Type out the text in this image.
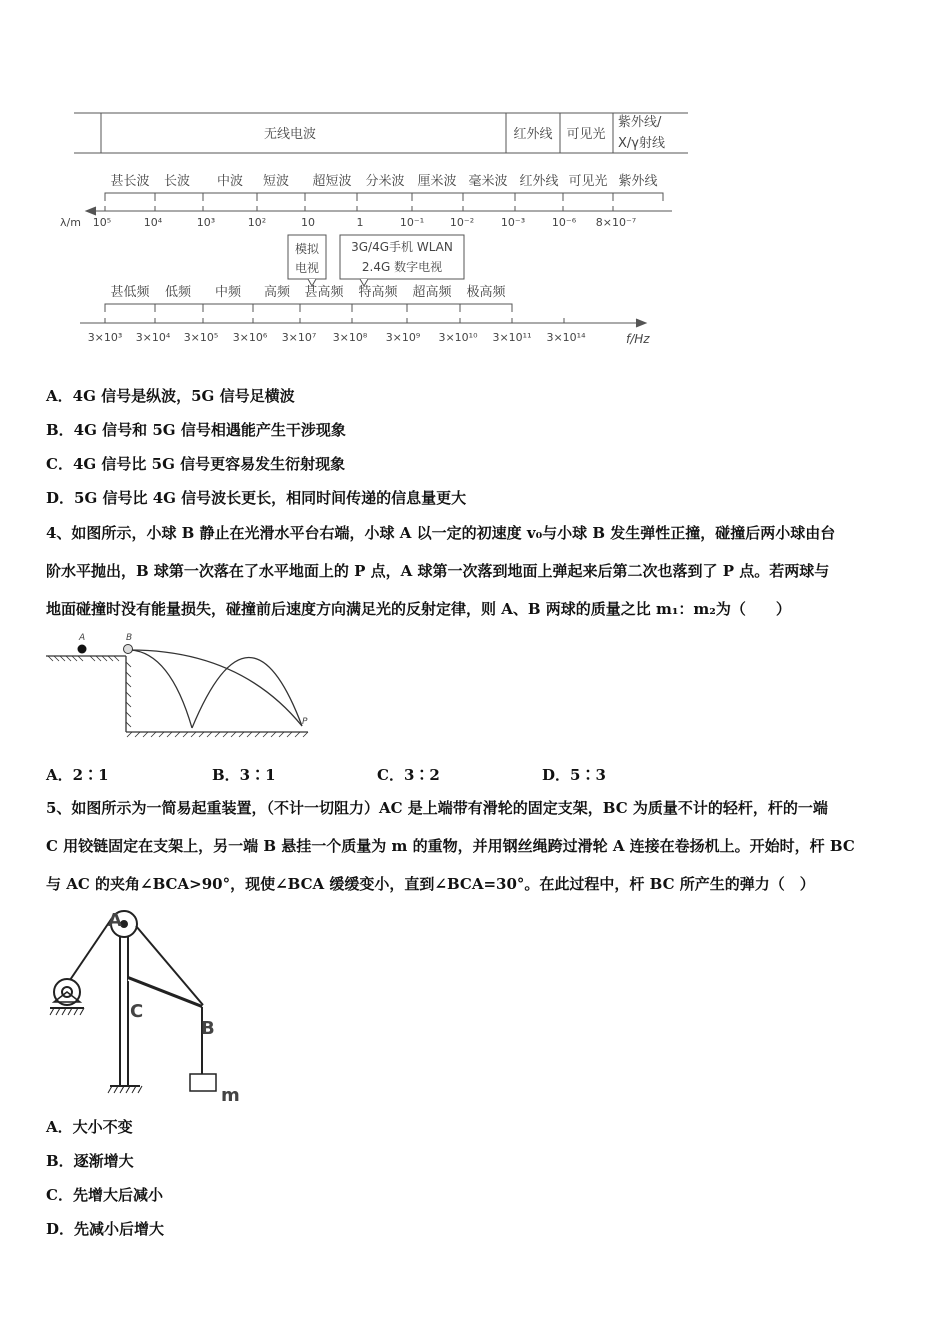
无线电波	红外线 可见光
紫外线/
X/γ射线
甚长波 长波 中波 短波 超短波 分米波 厘米波 毫米波 红外线 可见光 紫外线
λ/m 10⁵	10⁴	10³	10²	10	1	10⁻¹ 10⁻² 10⁻³ 10⁻⁶ 8×10⁻⁷
模拟
电视
3G/4G手机 WLAN
2.4G 数字电视
甚低频 低频 中频 高频 甚高频 特高频 超高频 极高频
3×10³ 3×10⁴ 3×10⁵ 3×10⁶ 3×10⁷ 3×10⁸ 3×10⁹ 3×10¹⁰ 3×10¹¹ 3×10¹⁴	f/Hz
A．4G 信号是纵波，5G 信号足横波
B．4G 信号和 5G 信号相遇能产生干涉现象
C．4G 信号比 5G 信号更容易发生衍射现象
D．5G 信号比 4G 信号波长更长，相同时间传递的信息量更大
4、如图所示，小球 B 静止在光滑水平台右端，小球 A 以一定的初速度 v₀与小球 B 发生弹性正撞，碰撞后两小球由台
阶水平抛出，B 球第一次落在了水平地面上的 P 点，A 球第一次落到地面上弹起来后第二次也落到了 P 点。若两球与
地面碰撞时没有能量损失，碰撞前后速度方向满足光的反射定律，则 A、B 两球的质量之比 m₁：m₂为（　　）
A	B
P
A．2∶1	B．3∶1	C．3∶2	D．5∶3
5、如图所示为一简易起重装置，（不计一切阻力）AC 是上端带有滑轮的固定支架，BC 为质量不计的轻杆，杆的一端
C 用铰链固定在支架上，另一端 B 悬挂一个质量为 m 的重物，并用钢丝绳跨过滑轮 A 连接在卷扬机上。开始时，杆 BC
与 AC 的夹角∠BCA>90°，现使∠BCA 缓缓变小，直到∠BCA=30°。在此过程中，杆 BC 所产生的弹力（　）
A
C
B
m
A．大小不变
B．逐渐增大
C．先增大后减小
D．先减小后增大
